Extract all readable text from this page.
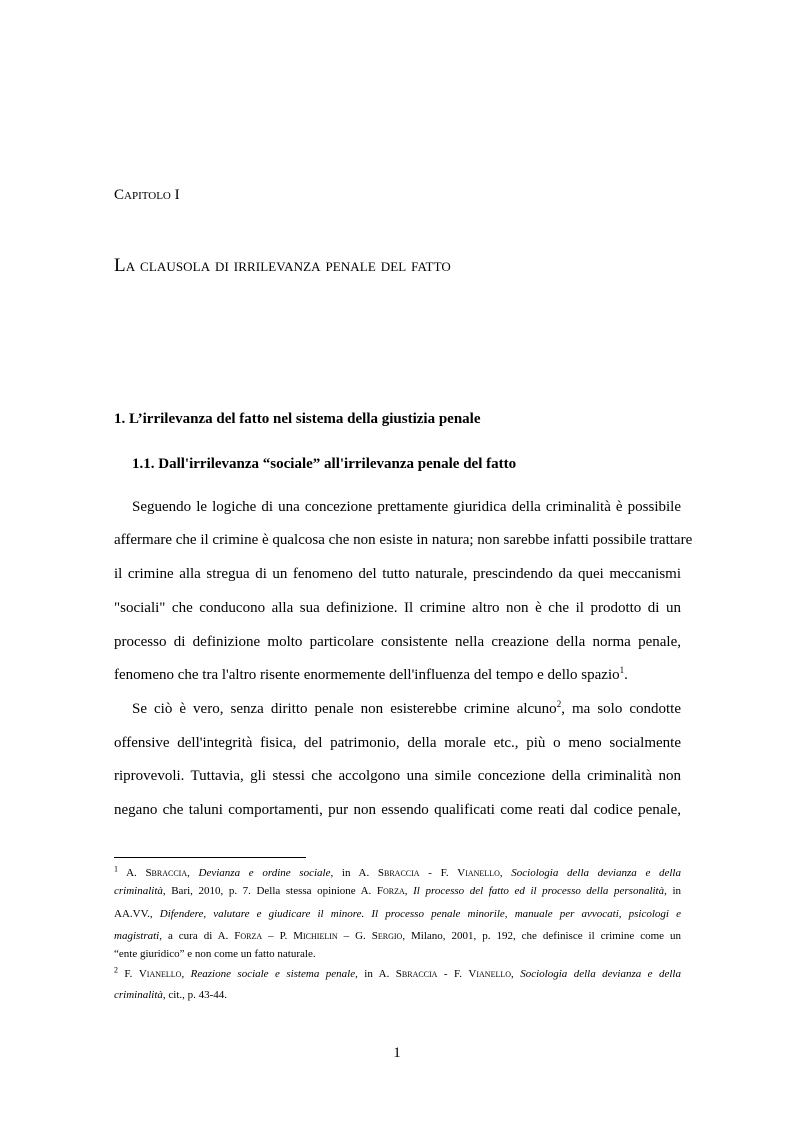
Capitolo I
La clausola di irrilevanza penale del fatto
1. L’irrilevanza del fatto nel sistema della giustizia penale
1.1. Dall'irrilevanza “sociale” all'irrilevanza penale del fatto
Seguendo le logiche di una concezione prettamente giuridica della criminalità è possibile
affermare che il crimine è qualcosa che non esiste in natura; non sarebbe infatti possibile trattare
il crimine alla stregua di un fenomeno del tutto naturale, prescindendo da quei meccanismi
"sociali" che conducono alla sua definizione. Il crimine altro non è che il prodotto di un
processo di definizione molto particolare consistente nella creazione della norma penale,
fenomeno che tra l'altro risente enormemente dell'influenza del tempo e dello spazio$^1$.
Se ciò è vero, senza diritto penale non esisterebbe crimine alcuno$^2$, ma solo condotte
offensive dell'integrità fisica, del patrimonio, della morale etc., più o meno socialmente
riprovevoli. Tuttavia, gli stessi che accolgono una simile concezione della criminalità non
negano che taluni comportamenti, pur non essendo qualificati come reati dal codice penale,
$^1$ A. Sbraccia, Devianza e ordine sociale, in A. Sbraccia - F. Vianello, Sociologia della devianza e della
criminalità, Bari, 2010, p. 7. Della stessa opinione A. Forza, Il processo del fatto ed il processo della personalità, in
AA.VV., Difendere, valutare e giudicare il minore. Il processo penale minorile, manuale per avvocati, psicologi e
magistrati, a cura di A. Forza – P. Michielin – G. Sergio, Milano, 2001, p. 192, che definisce il crimine come un
“ente giuridico” e non come un fatto naturale.
$^2$ F. Vianello, Reazione sociale e sistema penale, in A. Sbraccia - F. Vianello, Sociologia della devianza e della
criminalità, cit., p. 43-44.
1
